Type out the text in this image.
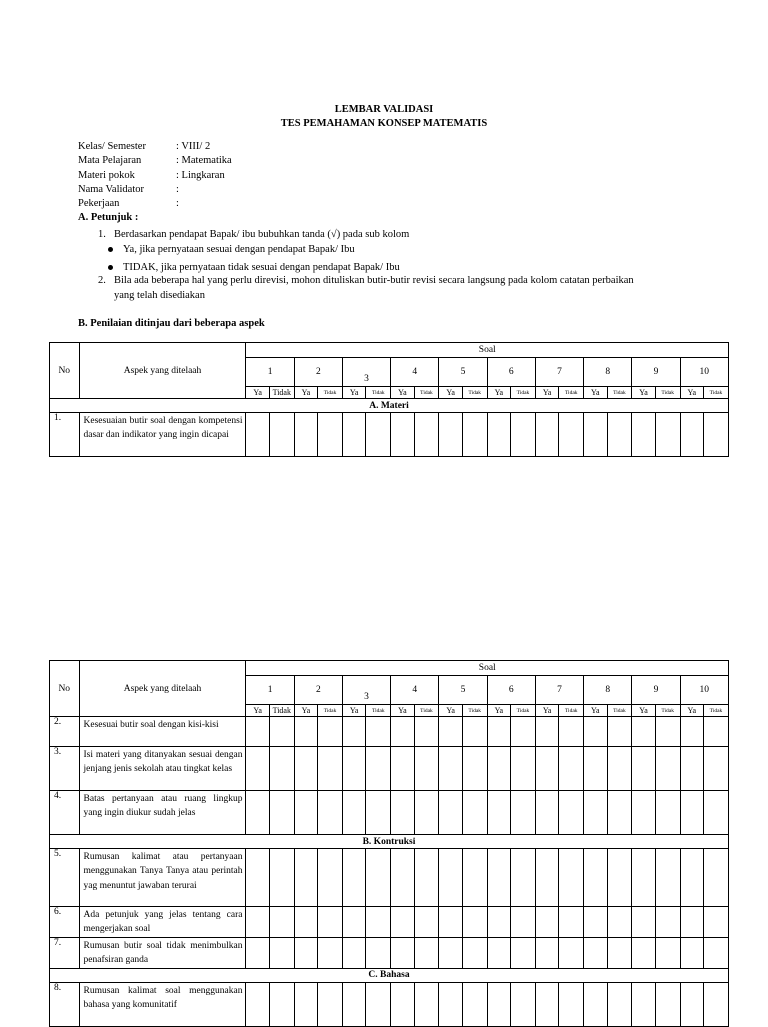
LEMBAR VALIDASI
TES PEMAHAMAN KONSEP MATEMATIS
Kelas/ Semester	: VIII/ 2
Mata Pelajaran	: Matematika
Materi pokok	: Lingkaran
Nama Validator	:
Pekerjaan	:
A. Petunjuk :
1. Berdasarkan pendapat Bapak/ ibu bubuhkan tanda (√) pada sub kolom
Ya, jika pernyataan sesuai dengan pendapat Bapak/ Ibu
TIDAK, jika pernyataan tidak sesuai dengan pendapat Bapak/ Ibu
2. Bila ada beberapa hal yang perlu direvisi, mohon dituliskan butir-butir revisi secara langsung pada kolom catatan perbaikan
yang telah disediakan
B. Penilaian ditinjau dari beberapa aspek
No	Aspek yang ditelaah	Soal																			
		1		2		3		4		5		6		7		8		9		10	
		Ya	Tidak	Ya	Tidak	Ya	Tidak	Ya	Tidak	Ya	Tidak	Ya	Tidak	Ya	Tidak	Ya	Tidak	Ya	Tidak	Ya	Tidak
A. Materi																					
1.	Kesesuaian butir soal dengan kompetensi dasar dan indikator yang ingin dicapai																				
No	Aspek yang ditelaah	Soal																			
		1		2		3		4		5		6		7		8		9		10	
		Ya	Tidak	Ya	Tidak	Ya	Tidak	Ya	Tidak	Ya	Tidak	Ya	Tidak	Ya	Tidak	Ya	Tidak	Ya	Tidak	Ya	Tidak
2.	Kesesuai butir soal dengan kisi-kisi																				
3.	Isi materi yang ditanyakan sesuai dengan jenjang jenis sekolah atau tingkat kelas																				
4.	Batas pertanyaan atau ruang lingkup yang ingin diukur sudah jelas																				
B. Kontruksi																					
5.	Rumusan kalimat atau pertanyaan menggunakan Tanya Tanya atau perintah yag menuntut jawaban terurai																				
6.	Ada petunjuk yang jelas tentang cara mengerjakan soal																				
7.	Rumusan butir soal tidak menimbulkan penafsiran ganda																				
C. Bahasa																					
8.	Rumusan kalimat soal menggunakan bahasa yang komunitatif																				
